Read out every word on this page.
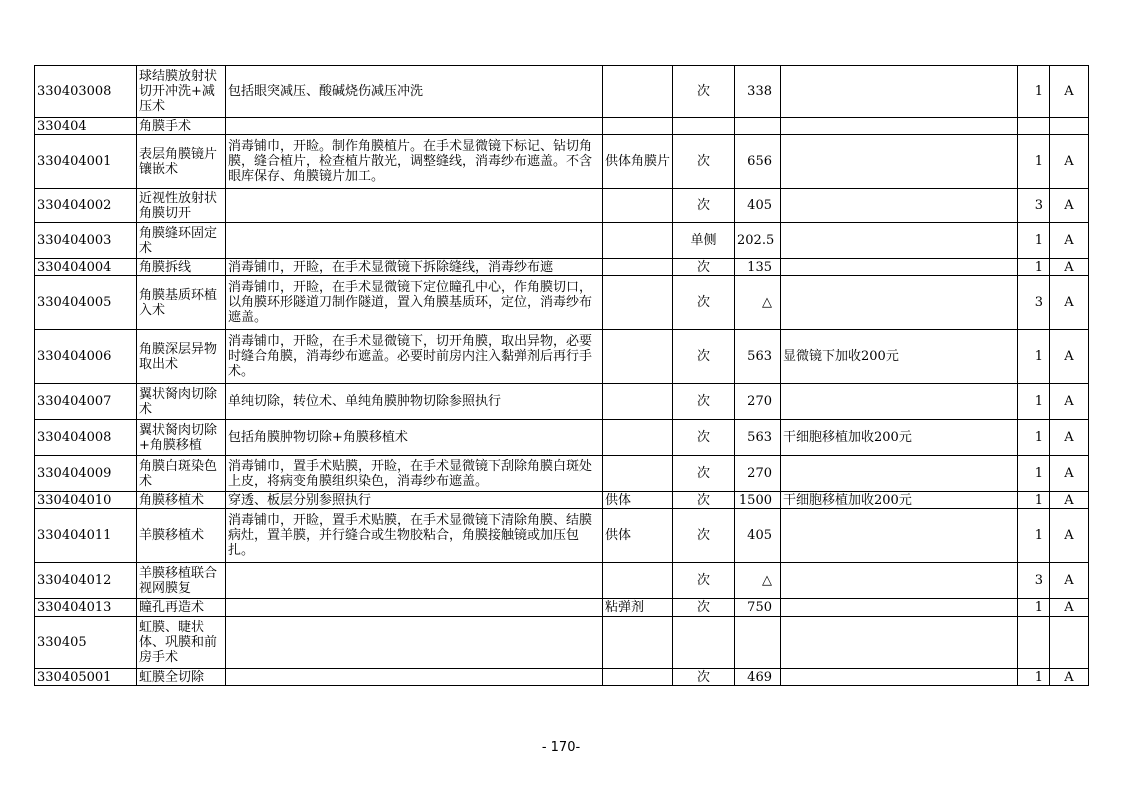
330403008	球结膜放射状切开冲洗+减压术	包括眼突减压、酸碱烧伤减压冲洗		次	338		1	A
330404	角膜手术							
330404001	表层角膜镜片镶嵌术	消毒铺巾，开睑。制作角膜植片。在手术显微镜下标记、钻切角膜，缝合植片，检查植片散光，调整缝线，消毒纱布遮盖。不含眼库保存、角膜镜片加工。	供体角膜片	次	656		1	A
330404002	近视性放射状角膜切开			次	405		3	A
330404003	角膜缝环固定术			单侧	202.5		1	A
330404004	角膜拆线	消毒铺巾，开睑，在手术显微镜下拆除缝线，消毒纱布遮		次	135		1	A
330404005	角膜基质环植入术	消毒铺巾，开睑，在手术显微镜下定位瞳孔中心，作角膜切口，以角膜环形隧道刀制作隧道，置入角膜基质环，定位，消毒纱布遮盖。		次	△		3	A
330404006	角膜深层异物取出术	消毒铺巾，开睑，在手术显微镜下，切开角膜，取出异物，必要时缝合角膜，消毒纱布遮盖。必要时前房内注入黏弹剂后再行手术。		次	563	显微镜下加收200元	1	A
330404007	翼状胬肉切除术	单纯切除，转位术、单纯角膜肿物切除参照执行		次	270		1	A
330404008	翼状胬肉切除+角膜移植	包括角膜肿物切除+角膜移植术		次	563	干细胞移植加收200元	1	A
330404009	角膜白斑染色术	消毒铺巾，置手术贴膜，开睑，在手术显微镜下刮除角膜白斑处上皮，将病变角膜组织染色，消毒纱布遮盖。		次	270		1	A
330404010	角膜移植术	穿透、板层分别参照执行	供体	次	1500	干细胞移植加收200元	1	A
330404011	羊膜移植术	消毒铺巾，开睑，置手术贴膜，在手术显微镜下清除角膜、结膜病灶，置羊膜，并行缝合或生物胶粘合，角膜接触镜或加压包扎。	供体	次	405		1	A
330404012	羊膜移植联合视网膜复			次	△		3	A
330404013	瞳孔再造术		粘弹剂	次	750		1	A
330405	虹膜、睫状体、巩膜和前房手术							
330405001	虹膜全切除			次	469		1	A
- 170-
